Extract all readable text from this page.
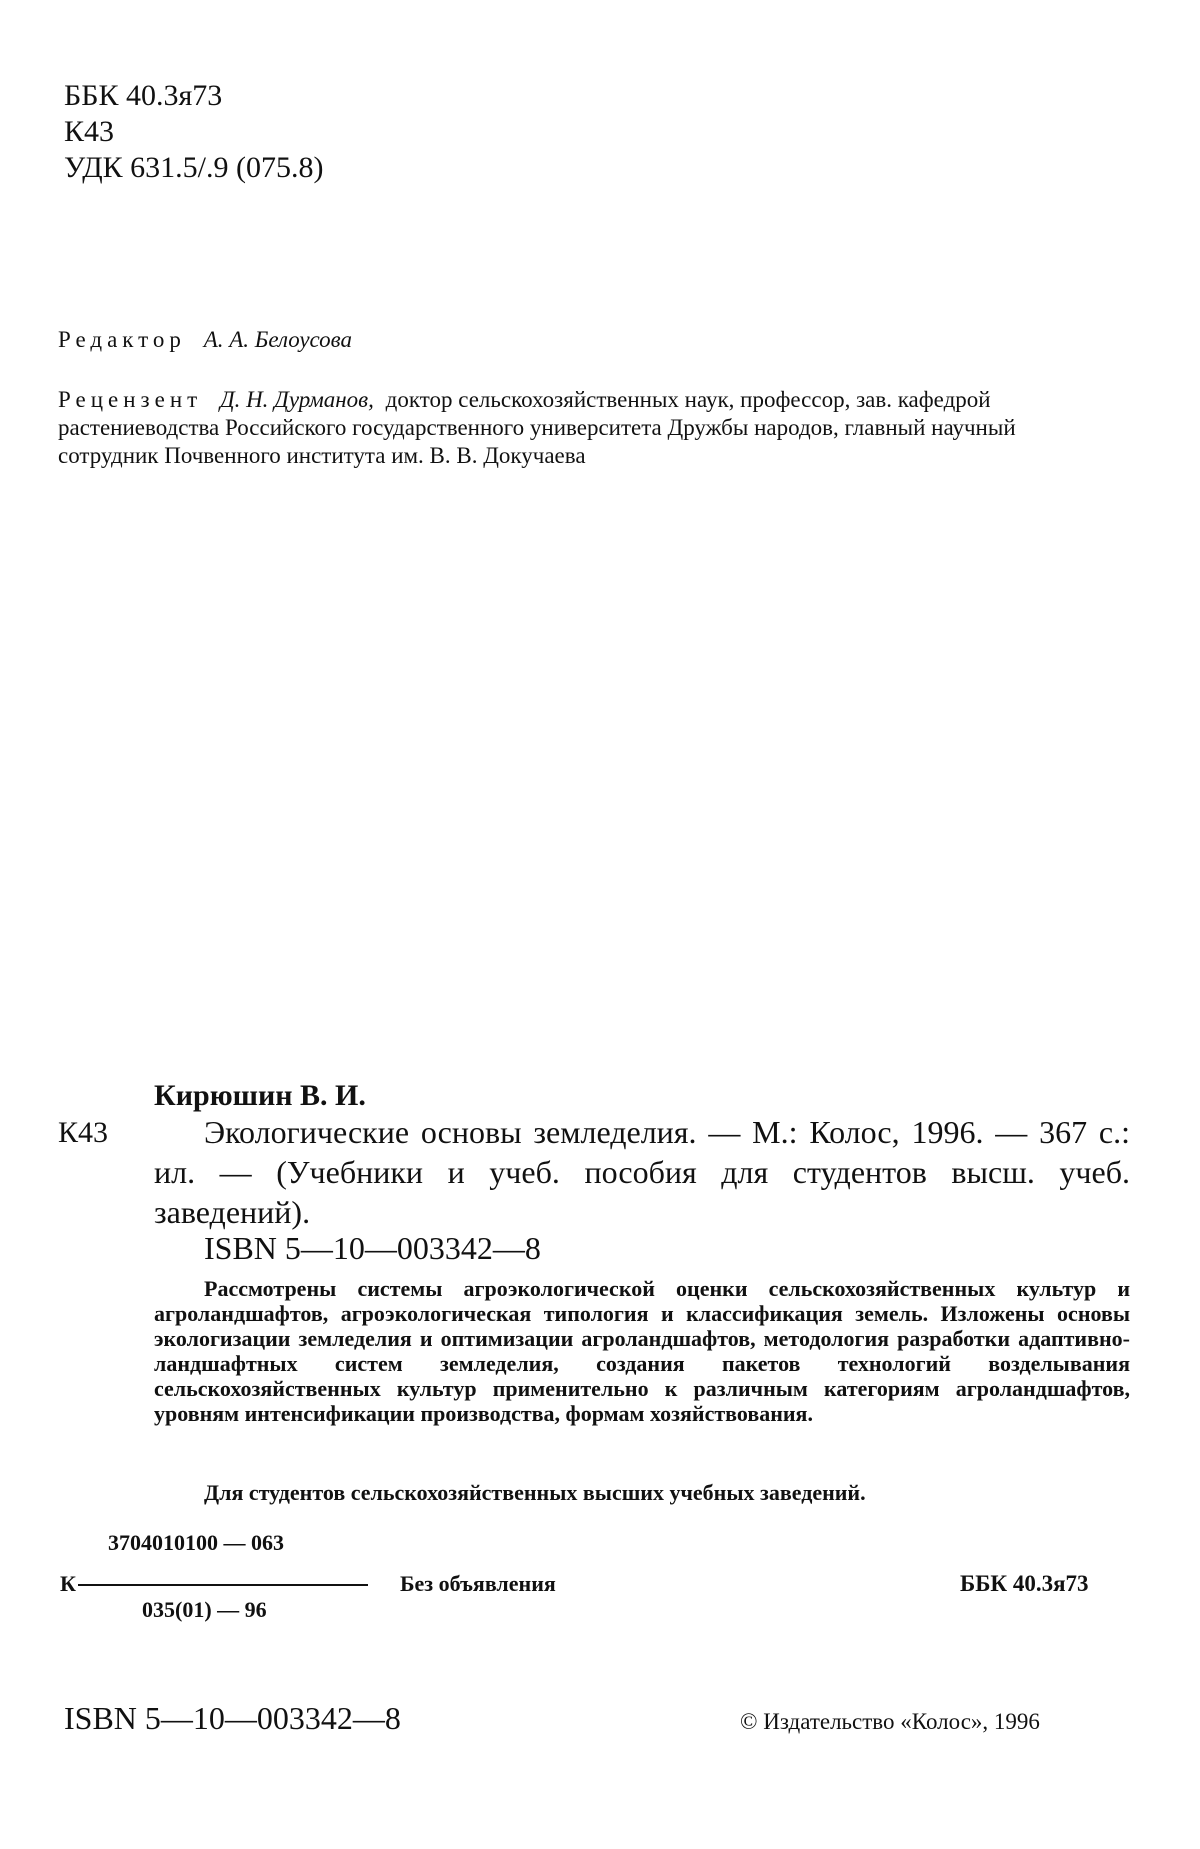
ББК 40.3я73
К43
УДК 631.5/.9 (075.8)
Редактор А. А. Белоусова
Рецензент Д. Н. Дурманов, доктор сельскохозяйственных наук, профессор, зав. кафедрой растениеводства Российского государственного университета Дружбы народов, главный научный сотрудник Почвенного института им. В. В. Докучаева
Кирюшин В. И.
К43	Экологические основы земледелия. — М.: Колос, 1996. — 367 с.: ил. — (Учебники и учеб. пособия для студентов высш. учеб. заведений).
ISBN 5—10—003342—8
Рассмотрены системы агроэкологической оценки сельскохозяйственных культур и агроландшафтов, агроэкологическая типология и классификация земель. Изложены основы экологизации земледелия и оптимизации агроландшафтов, методология разработки адаптивно-ландшафтных систем земледелия, создания пакетов технологий возделывания сельскохозяйственных культур применительно к различным категориям агроландшафтов, уровням интенсификации производства, формам хозяйствования.
Для студентов сельскохозяйственных высших учебных заведений.
К
3704010100 — 063
035(01) — 96
Без объявления	ББК 40.3я73
ISBN 5—10—003342—8	© Издательство «Колос», 1996
